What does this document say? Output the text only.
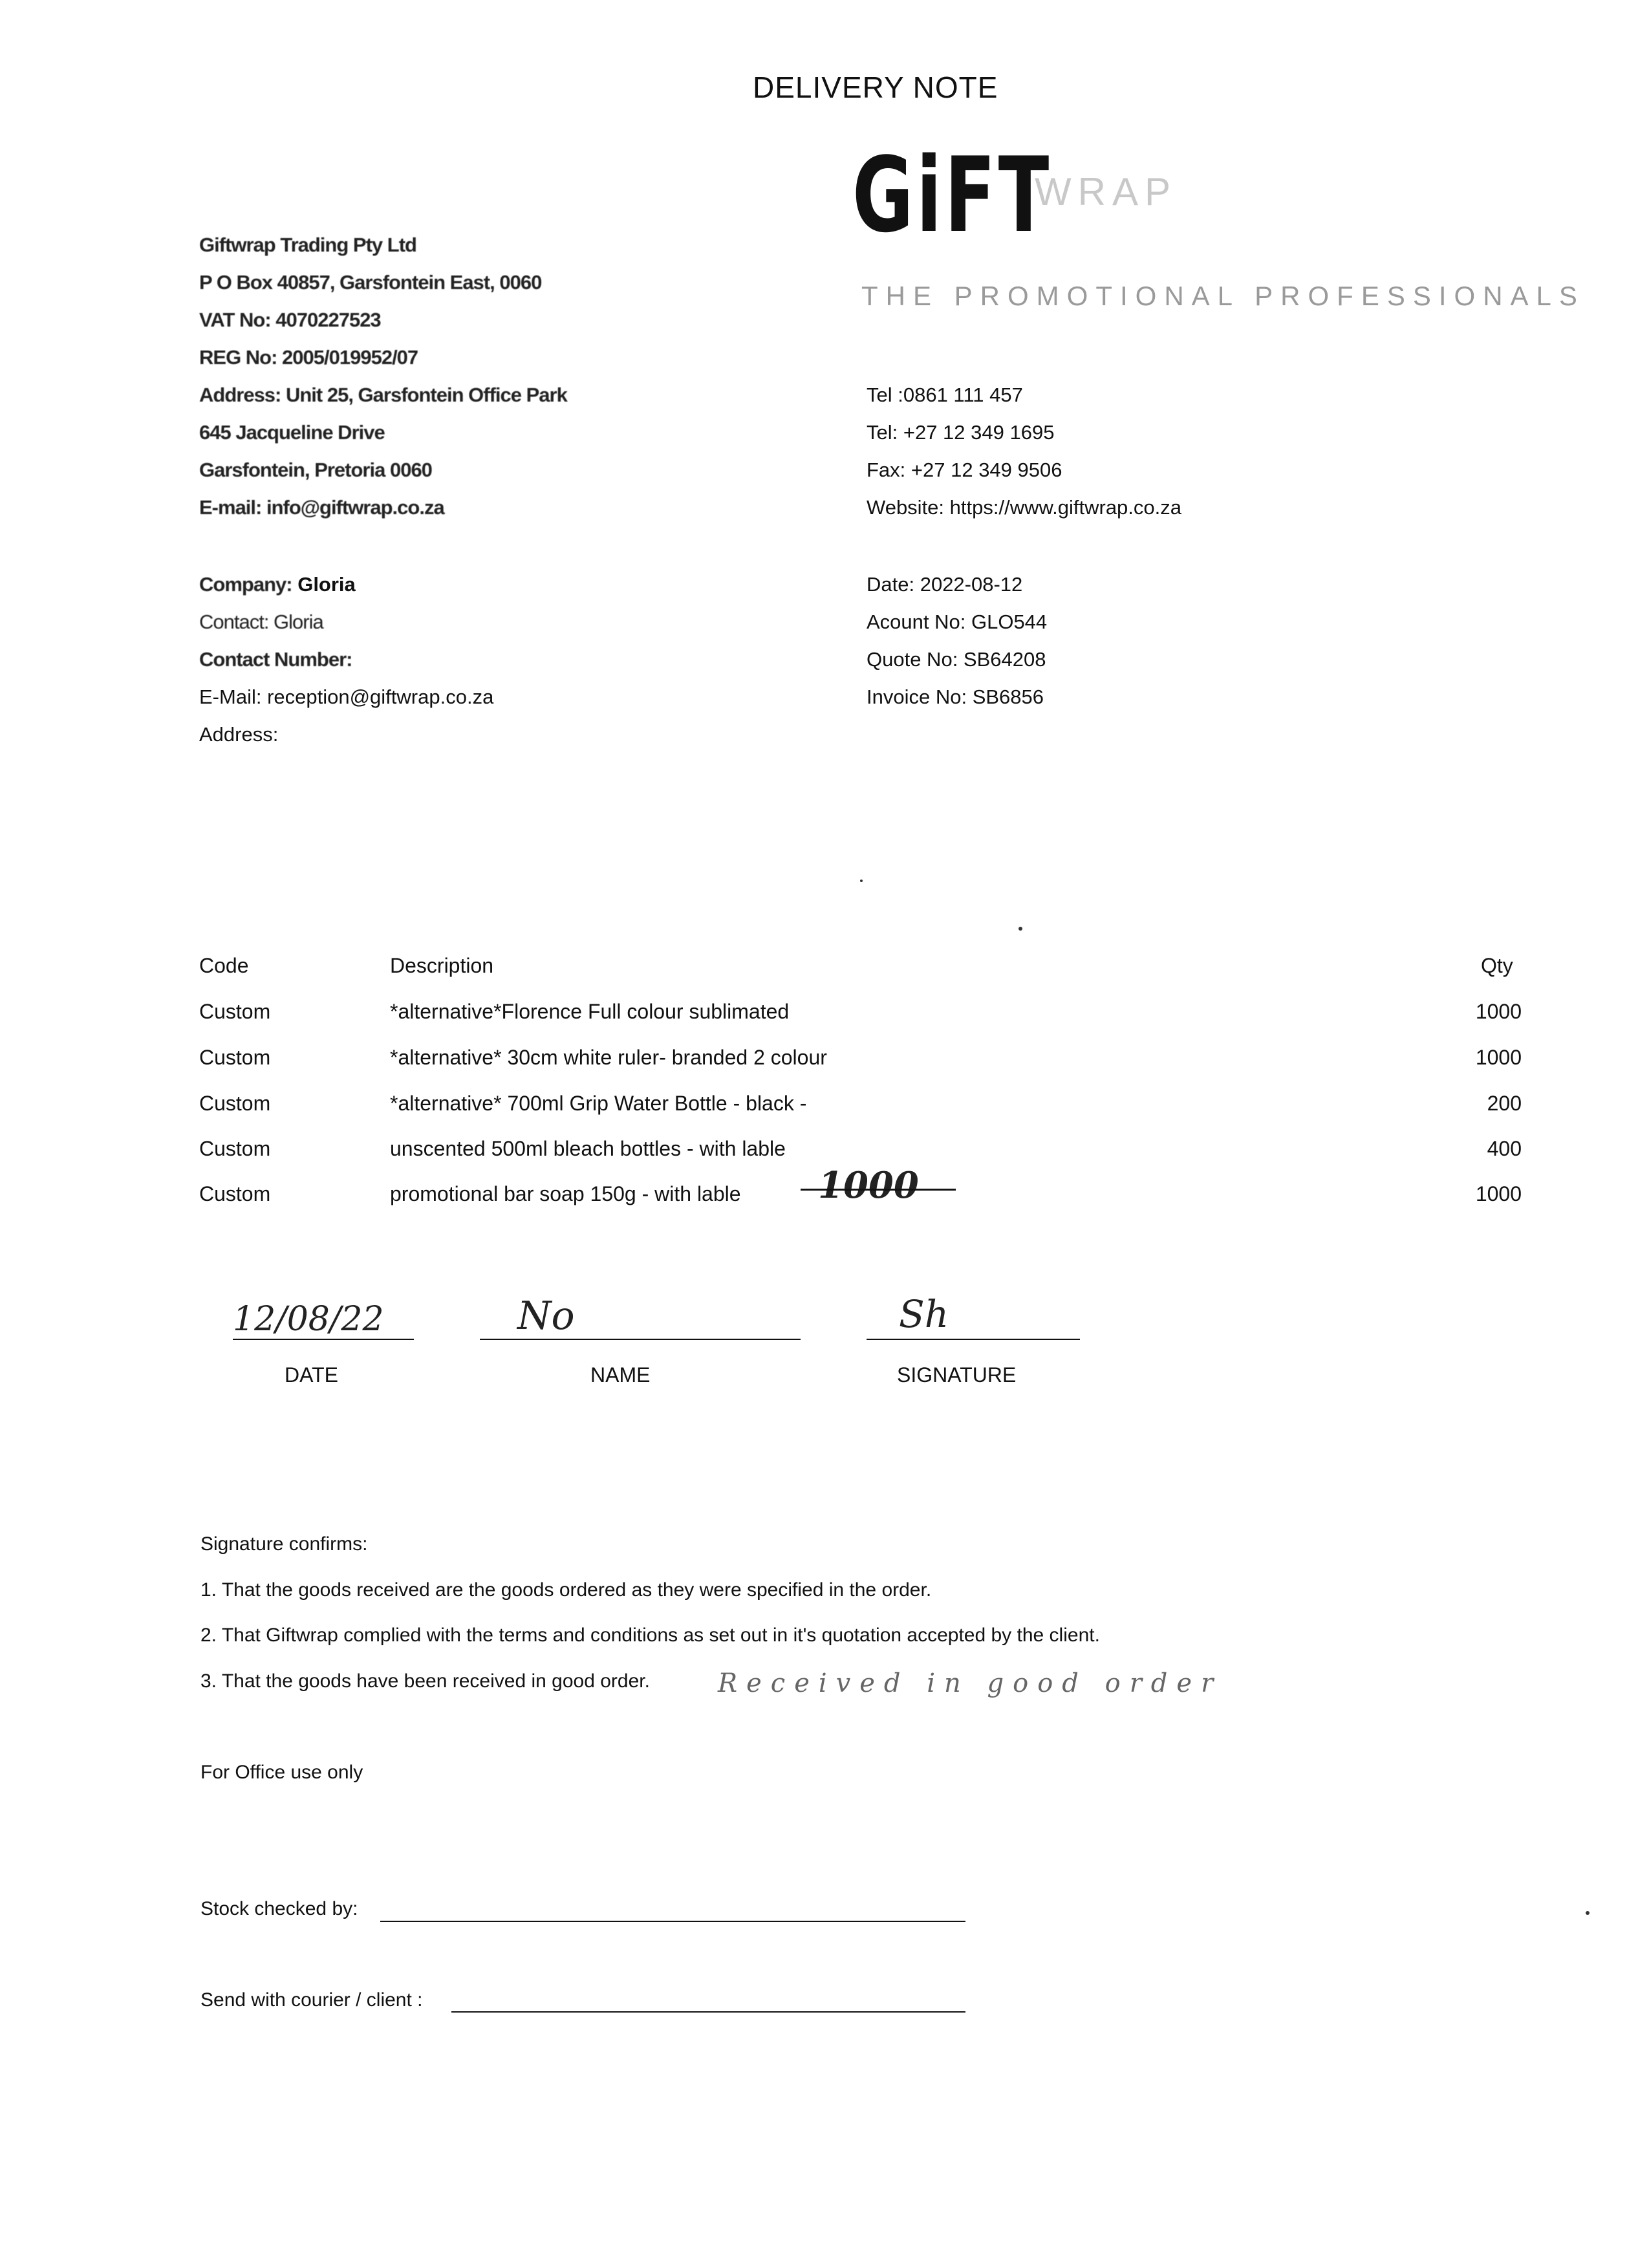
DELIVERY NOTE
GiFT
WRAP
THE PROMOTIONAL PROFESSIONALS
Giftwrap Trading Pty Ltd
P O Box 40857, Garsfontein East, 0060
VAT No: 4070227523
REG No: 2005/019952/07
Address: Unit 25, Garsfontein Office Park
645 Jacqueline Drive
Garsfontein, Pretoria 0060
E-mail: info@giftwrap.co.za
Tel :0861 111 457
Tel: +27 12 349 1695
Fax: +27 12 349 9506
Website: https://www.giftwrap.co.za
Company: Gloria
Contact: Gloria
Contact Number:
E-Mail: reception@giftwrap.co.za
Address:
Date: 2022-08-12
Acount No: GLO544
Quote No: SB64208
Invoice No: SB6856
Code	Description	Qty
Custom	*alternative*Florence Full colour sublimated	1000
Custom	*alternative* 30cm white ruler- branded 2 colour	1000
Custom	*alternative* 700ml Grip Water Bottle - black -	200
Custom	unscented 500ml bleach bottles - with lable	400
Custom	promotional bar soap 150g - with lable	1000
1000
12/08/22
DATE
No
NAME
Sh
SIGNATURE
Signature confirms:
1. That the goods received are the goods ordered as they were specified in the order.
2. That Giftwrap complied with the terms and conditions as set out in it's quotation accepted by the client.
3. That the goods have been received in good order.	Received in good order
For Office use only
Stock checked by:
Send with courier / client :
